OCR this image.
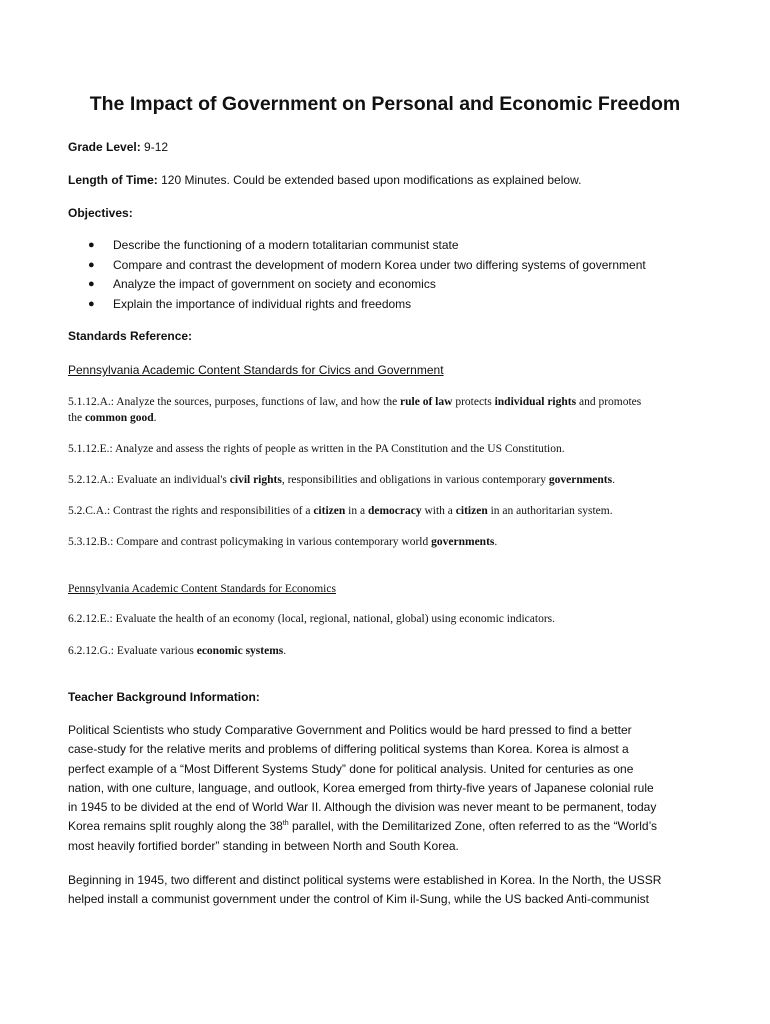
The Impact of Government on Personal and Economic Freedom
Grade Level: 9-12
Length of Time: 120 Minutes. Could be extended based upon modifications as explained below.
Objectives:
● Describe the functioning of a modern totalitarian communist state
● Compare and contrast the development of modern Korea under two differing systems of government
● Analyze the impact of government on society and economics
● Explain the importance of individual rights and freedoms
Standards Reference:
Pennsylvania Academic Content Standards for Civics and Government
5.1.12.A.: Analyze the sources, purposes, functions of law, and how the rule of law protects individual rights and promotes
the common good.
5.1.12.E.: Analyze and assess the rights of people as written in the PA Constitution and the US Constitution.
5.2.12.A.: Evaluate an individual's civil rights, responsibilities and obligations in various contemporary governments.
5.2.C.A.: Contrast the rights and responsibilities of a citizen in a democracy with a citizen in an authoritarian system.
5.3.12.B.: Compare and contrast policymaking in various contemporary world governments.
Pennsylvania Academic Content Standards for Economics
6.2.12.E.: Evaluate the health of an economy (local, regional, national, global) using economic indicators.
6.2.12.G.: Evaluate various economic systems.
Teacher Background Information:
Political Scientists who study Comparative Government and Politics would be hard pressed to find a better
case-study for the relative merits and problems of differing political systems than Korea. Korea is almost a
perfect example of a “Most Different Systems Study” done for political analysis. United for centuries as one
nation, with one culture, language, and outlook, Korea emerged from thirty-five years of Japanese colonial rule
in 1945 to be divided at the end of World War II. Although the division was never meant to be permanent, today
Korea remains split roughly along the 38th parallel, with the Demilitarized Zone, often referred to as the “World’s
most heavily fortified border” standing in between North and South Korea.
Beginning in 1945, two different and distinct political systems were established in Korea. In the North, the USSR
helped install a communist government under the control of Kim il-Sung, while the US backed Anti-communist
